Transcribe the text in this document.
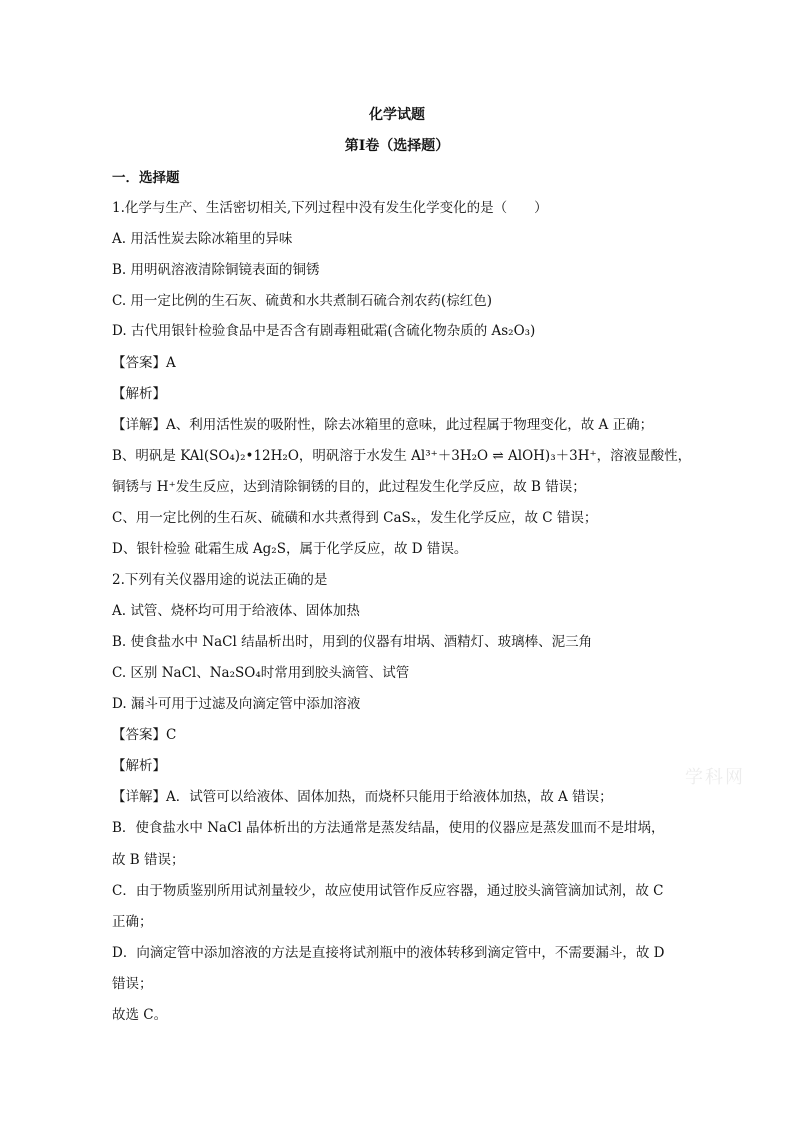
化学试题
第Ⅰ卷（选择题）
一．选择题
1.化学与生产、生活密切相关,下列过程中没有发生化学变化的是（　　）
A. 用活性炭去除冰箱里的异味
B. 用明矾溶液清除铜镜表面的铜锈
C. 用一定比例的生石灰、硫黄和水共煮制石硫合剂农药(棕红色)
D. 古代用银针检验食品中是否含有剧毒粗砒霜(含硫化物杂质的 As₂O₃)
【答案】A
【解析】
【详解】A、利用活性炭的吸附性，除去冰箱里的意味，此过程属于物理变化，故 A 正确；
B、明矾是 KAl(SO₄)₂•12H₂O，明矾溶于水发生 Al³⁺＋3H₂O ⇌ AlOH)₃＋3H⁺，溶液显酸性，
铜锈与 H⁺发生反应，达到清除铜锈的目的，此过程发生化学反应，故 B 错误；
C、用一定比例的生石灰、硫磺和水共煮得到 CaSₓ，发生化学反应，故 C 错误；
D、银针检验 砒霜生成 Ag₂S，属于化学反应，故 D 错误。
2.下列有关仪器用途的说法正确的是
A. 试管、烧杯均可用于给液体、固体加热
B. 使食盐水中 NaCl 结晶析出时，用到的仪器有坩埚、酒精灯、玻璃棒、泥三角
C. 区别 NaCl、Na₂SO₄时常用到胶头滴管、试管
D. 漏斗可用于过滤及向滴定管中添加溶液
【答案】C
【解析】
【详解】A．试管可以给液体、固体加热，而烧杯只能用于给液体加热，故 A 错误；
B．使食盐水中 NaCl 晶体析出的方法通常是蒸发结晶，使用的仪器应是蒸发皿而不是坩埚，
故 B 错误；
C．由于物质鉴别所用试剂量较少，故应使用试管作反应容器，通过胶头滴管滴加试剂，故 C
正确；
D．向滴定管中添加溶液的方法是直接将试剂瓶中的液体转移到滴定管中，不需要漏斗，故 D
错误；
故选 C。
学科网
